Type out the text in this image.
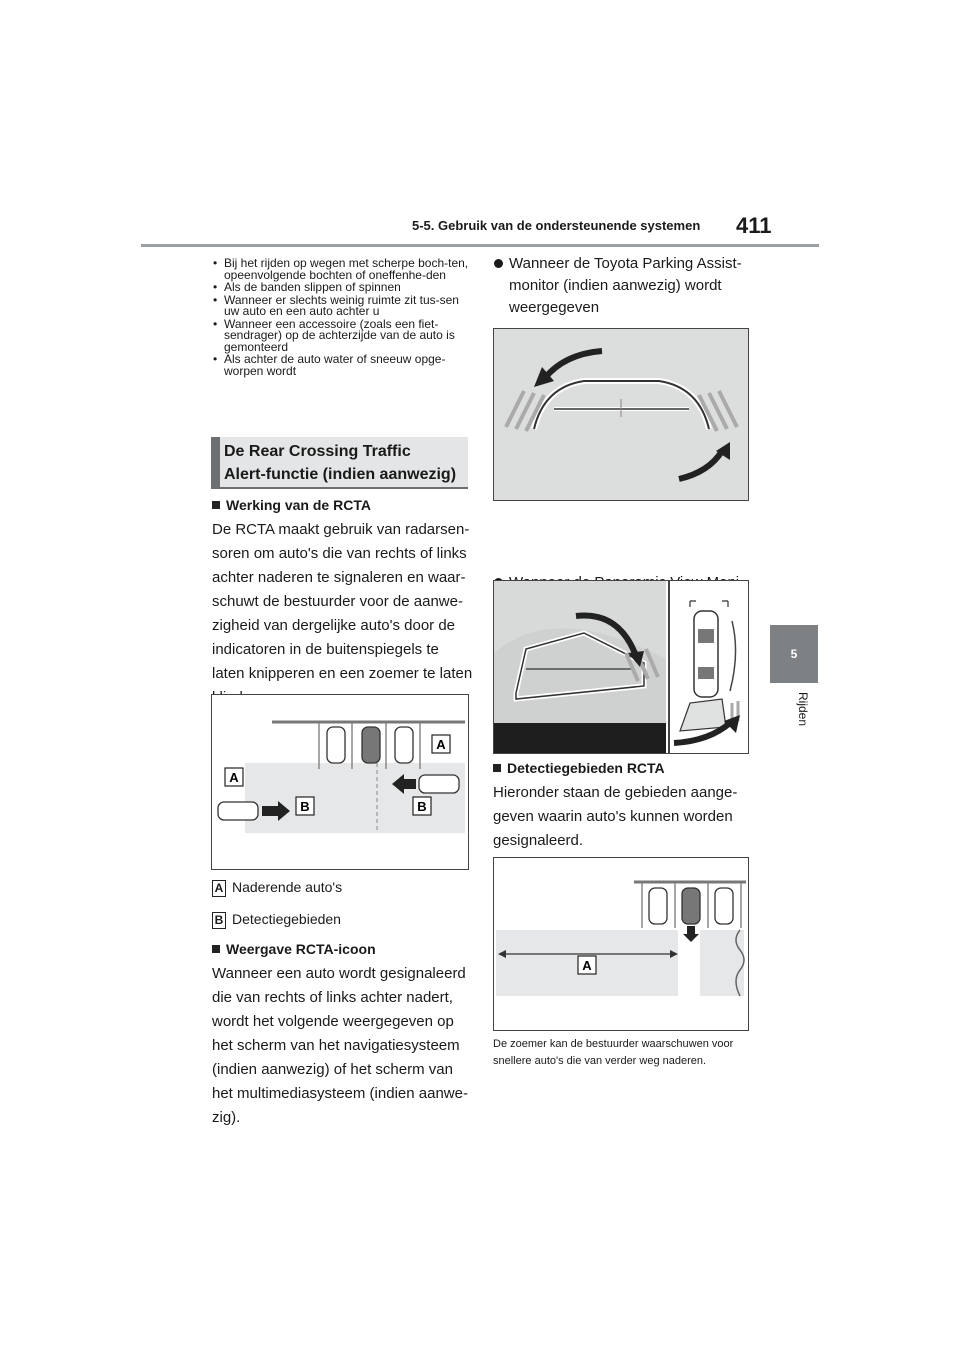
5-5. Gebruik van de ondersteunende systemen 411
5
Rijden
• Bij het rijden op wegen met scherpe boch-ten, opeenvolgende bochten of oneffenhe-den
• Als de banden slippen of spinnen
• Wanneer er slechts weinig ruimte zit tus-sen uw auto en een auto achter u
• Wanneer een accessoire (zoals een fiet-sendrager) op de achterzijde van de auto is gemonteerd
• Als achter de auto water of sneeuw opge-worpen wordt
De Rear Crossing Traffic
Alert-functie (indien aanwezig)
Werking van de RCTA
De RCTA maakt gebruik van radarsen-soren om auto's die van rechts of links achter naderen te signaleren en waar-schuwt de bestuurder voor de aanwe-zigheid van dergelijke auto's door de indicatoren in de buitenspiegels te laten knipperen en een zoemer te laten
A
A
B	B
A Naderende auto's
B Detectiegebieden
Weergave RCTA-icoon
Wanneer een auto wordt gesignaleerd die van rechts of links achter nadert, wordt het volgende weergegeven op het scherm van het navigatiesysteem (indien aanwezig) of het scherm van het multimediasysteem (indien aanwe-zig).
Wanneer de Toyota Parking Assist-monitor (indien aanwezig) wordt weergegeven
Detectiegebieden RCTA
Hieronder staan de gebieden aange-geven waarin auto's kunnen worden gesignaleerd.
A
De zoemer kan de bestuurder waarschuwen voor snellere auto's die van verder weg naderen.
